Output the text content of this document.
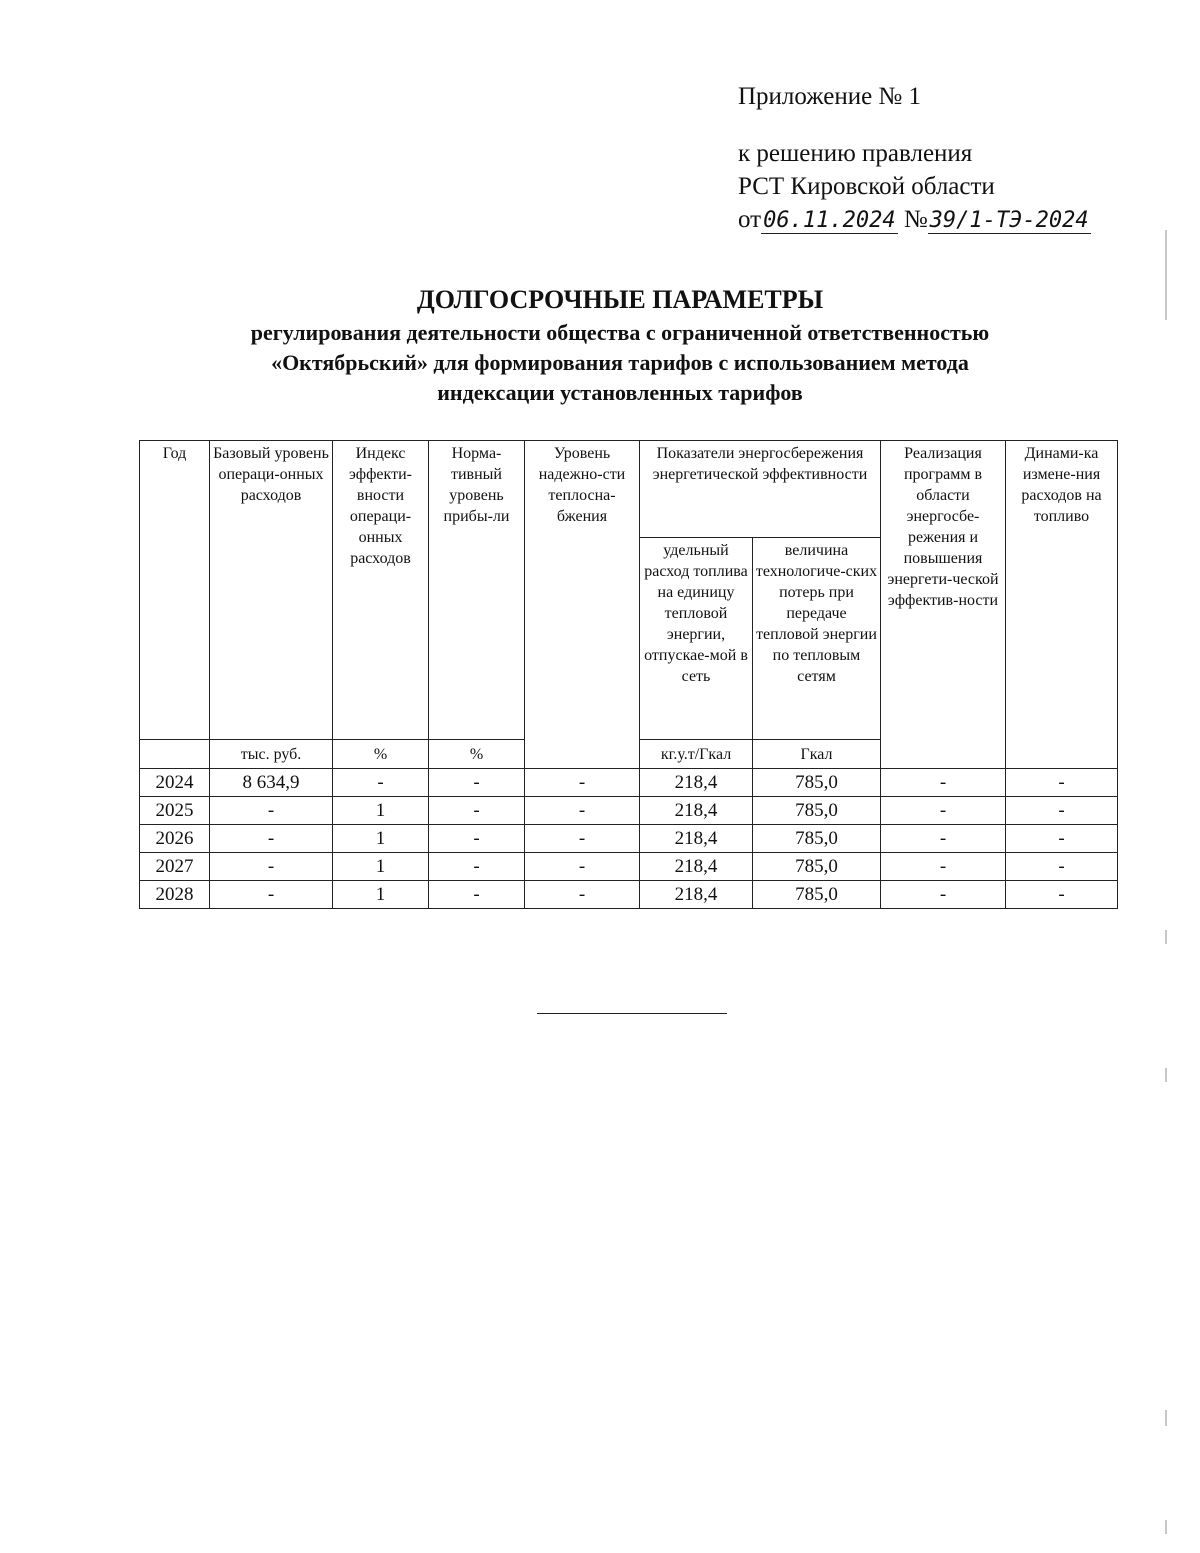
Приложение № 1
к решению правления
РСТ Кировской области
от06.11.2024 №39/1-ТЭ-2024
ДОЛГОСРОЧНЫЕ ПАРАМЕТРЫ
регулирования деятельности общества с ограниченной ответственностью
«Октябрьский» для формирования тарифов с использованием метода
индексации установленных тарифов
Год	Базовый уровень операци-онных расходов	Индекс эффекти-вности операци-онных расходов	Норма-тивный уровень прибы-ли	Уровень надежно-сти теплосна-бжения	Показатели энергосбережения энергетической эффективности		Реализация программ в области энергосбе-режения и повышения энергети-ческой эффектив-ности	Динами-ка измене-ния расходов на топливо
					удельный расход топлива на единицу тепловой энергии, отпускае-мой в сеть	величина технологиче-ских потерь при передаче тепловой энергии по тепловым сетям		
	тыс. руб.	%	%		кг.у.т/Гкал	Гкал		
2024	8 634,9	-	-	-	218,4	785,0	-	-
2025	-	1	-	-	218,4	785,0	-	-
2026	-	1	-	-	218,4	785,0	-	-
2027	-	1	-	-	218,4	785,0	-	-
2028	-	1	-	-	218,4	785,0	-	-
